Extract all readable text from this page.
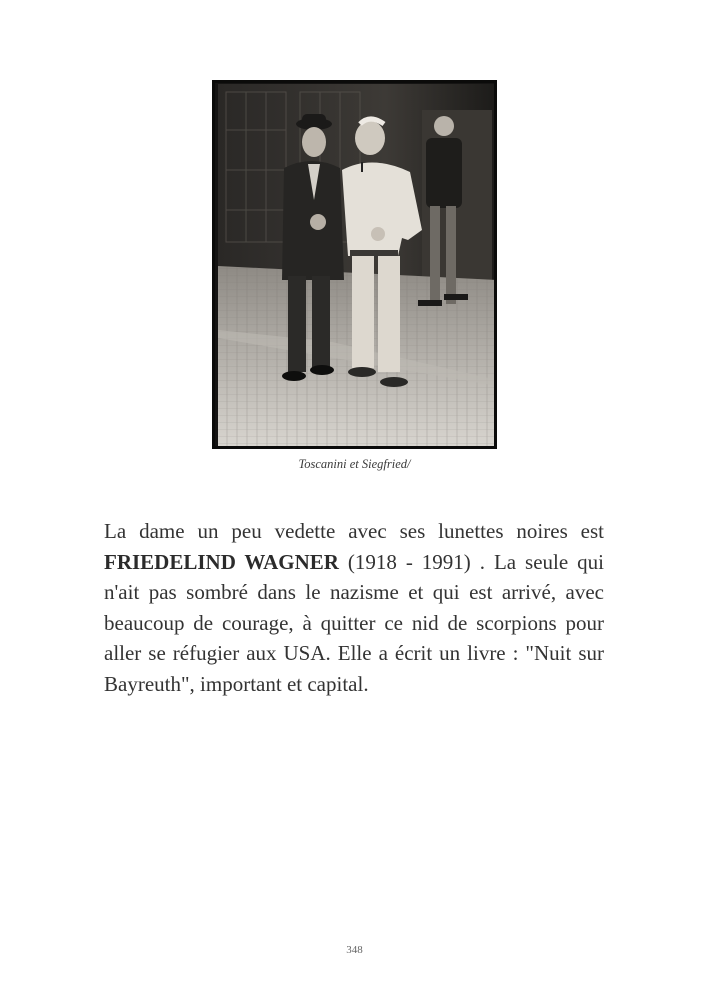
Toscanini et Siegfried/

La dame un peu vedette avec ses lunettes noires est FRIEDELIND WAGNER (1918 - 1991) . La seule qui n'ait pas sombré dans le nazisme et qui est arrivé, avec beaucoup de courage, à quitter ce nid de scorpions pour aller se réfugier aux USA. Elle a écrit un livre : "Nuit sur Bayreuth", important et capital.

348
